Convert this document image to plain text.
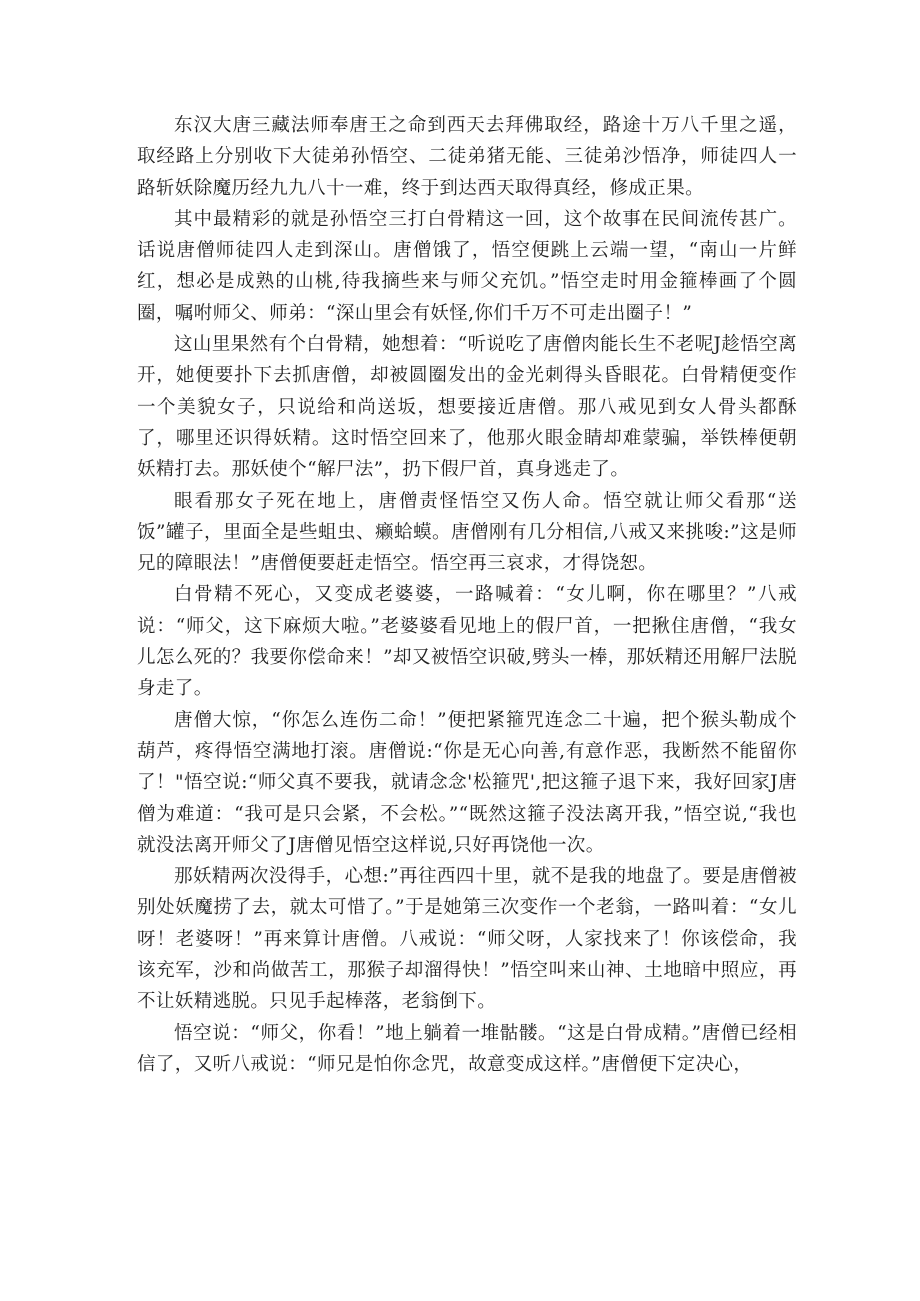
东汉大唐三藏法师奉唐王之命到西天去拜佛取经，路途十万八千里之遥，取经路上分别收下大徒弟孙悟空、二徒弟猪无能、三徒弟沙悟净，师徒四人一路斩妖除魔历经九九八十一难，终于到达西天取得真经，修成正果。

其中最精彩的就是孙悟空三打白骨精这一回，这个故事在民间流传甚广。话说唐僧师徒四人走到深山。唐僧饿了，悟空便跳上云端一望，“南山一片鲜红，想必是成熟的山桃,待我摘些来与师父充饥。”悟空走时用金箍棒画了个圆圈，嘱咐师父、师弟：“深山里会有妖怪,你们千万不可走出圈子！”

这山里果然有个白骨精，她想着：“听说吃了唐僧肉能长生不老呢J趁悟空离开，她便要扑下去抓唐僧，却被圆圈发出的金光刺得头昏眼花。白骨精便变作一个美貌女子，只说给和尚送坂，想要接近唐僧。那八戒见到女人骨头都酥了，哪里还识得妖精。这时悟空回来了，他那火眼金睛却难蒙骗，举铁棒便朝妖精打去。那妖使个“解尸法”，扔下假尸首，真身逃走了。

眼看那女子死在地上，唐僧责怪悟空又伤人命。悟空就让师父看那“送饭”罐子，里面全是些蛆虫、癞蛤蟆。唐僧刚有几分相信,八戒又来挑唆:”这是师兄的障眼法！”唐僧便要赶走悟空。悟空再三哀求，才得饶恕。

白骨精不死心，又变成老婆婆，一路喊着：“女儿啊，你在哪里？”八戒说：“师父，这下麻烦大啦。”老婆婆看见地上的假尸首，一把揪住唐僧，“我女儿怎么死的？我要你偿命来！”却又被悟空识破,劈头一棒，那妖精还用解尸法脱身走了。

唐僧大惊，“你怎么连伤二命！”便把紧箍咒连念二十遍，把个猴头勒成个葫芦，疼得悟空满地打滚。唐僧说:“你是无心向善,有意作恶，我断然不能留你了！"悟空说:“师父真不要我，就请念念'松箍咒',把这箍子退下来，我好回家J唐僧为难道：“我可是只会紧，不会松。”“既然这箍子没法离开我，”悟空说,“我也就没法离开师父了J唐僧见悟空这样说,只好再饶他一次。

那妖精两次没得手，心想:”再往西四十里，就不是我的地盘了。要是唐僧被别处妖魔捞了去，就太可惜了。”于是她第三次变作一个老翁，一路叫着：“女儿呀！老婆呀！”再来算计唐僧。八戒说：“师父呀，人家找来了！你该偿命，我该充军，沙和尚做苦工，那猴子却溜得快！”悟空叫来山神、土地暗中照应，再不让妖精逃脱。只见手起棒落，老翁倒下。

悟空说：“师父，你看！”地上躺着一堆骷髅。“这是白骨成精。”唐僧已经相信了，又听八戒说：“师兄是怕你念咒，故意变成这样。”唐僧便下定决心，
